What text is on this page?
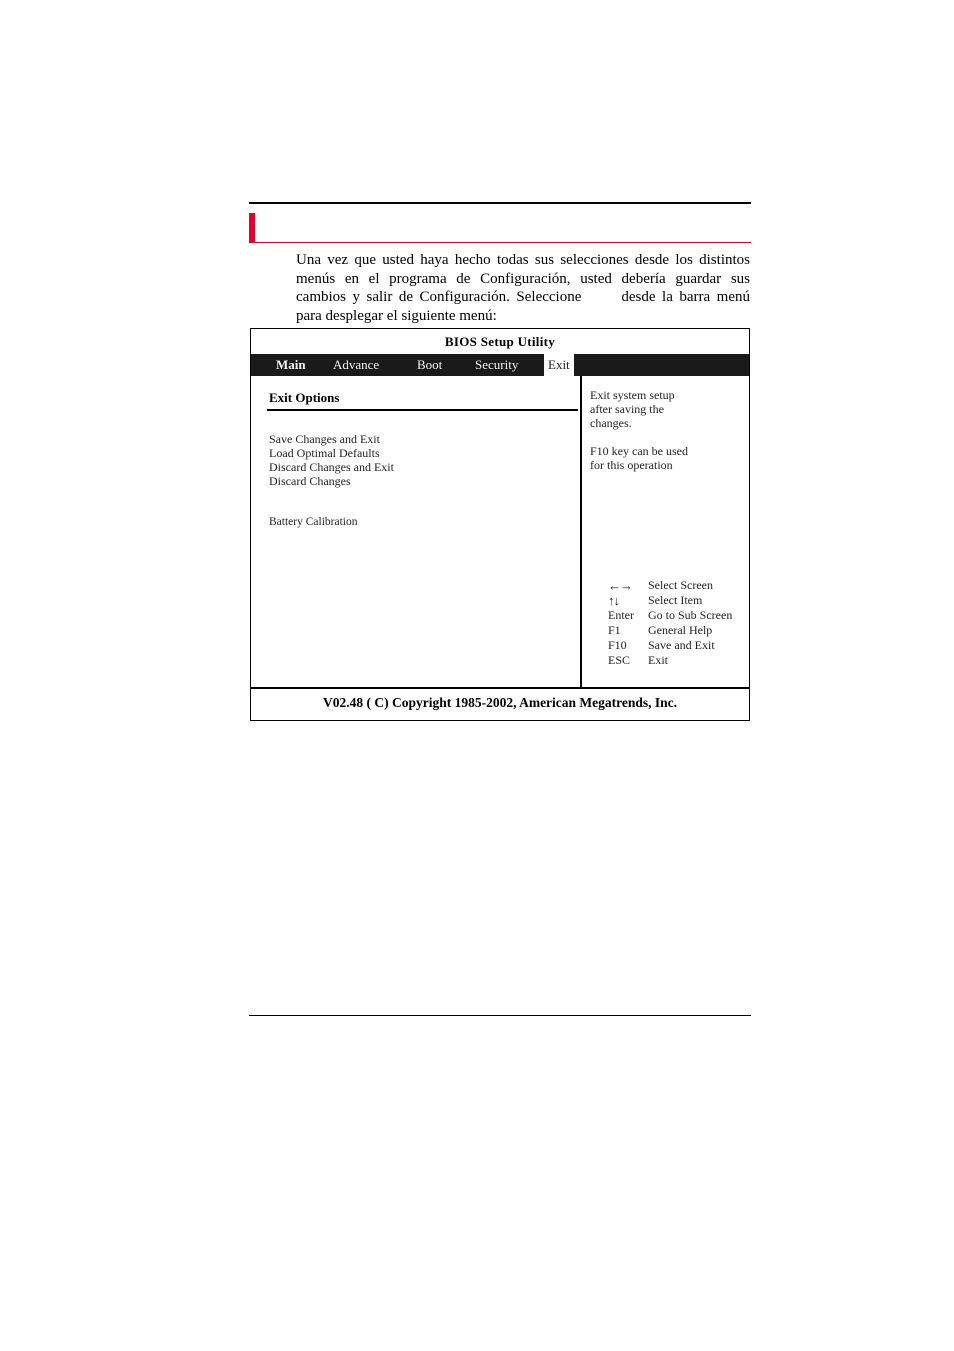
Una vez que usted haya hecho todas sus selecciones desde los distintos menús en el programa de Configuración, usted debería guardar sus cambios y salir de Configuración. Seleccione	desde la barra menú para desplegar el siguiente menú:

BIOS Setup Utility
Main Advance	Boot	Security	Exit
Exit Options
Save Changes and Exit
Load Optimal Defaults
Discard Changes and Exit
Discard Changes
Battery Calibration

Exit system setup
after saving the
changes.

F10 key can be used
for this operation

←→	Select Screen
↑↓	Select Item
Enter	Go to Sub Screen
F1	General Help
F10	Save and Exit
ESC	Exit
V02.48 ( C) Copyright 1985-2002, American Megatrends, Inc.
